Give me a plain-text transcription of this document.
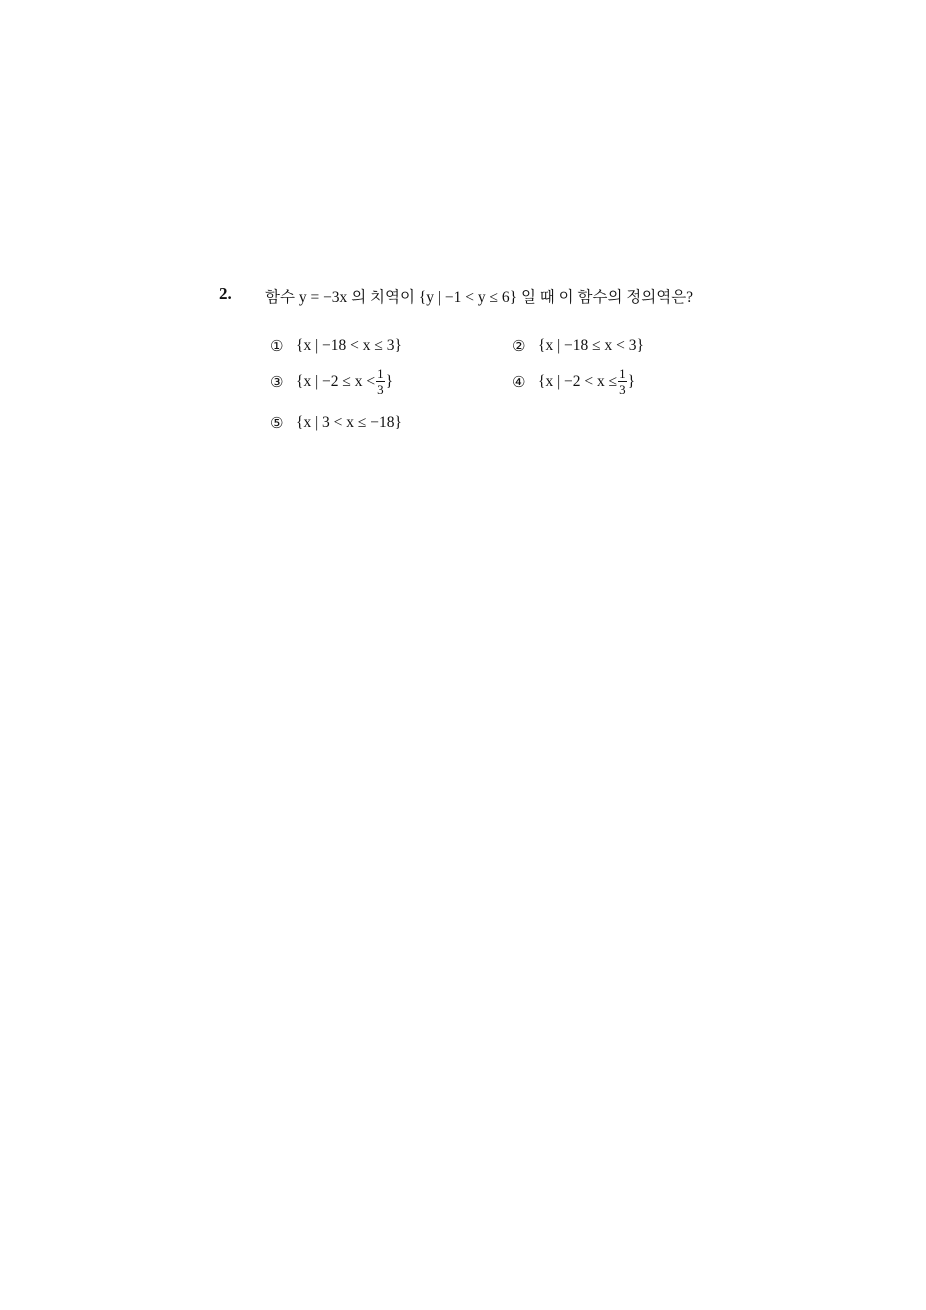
2. 함수 y = −3x 의 치역이 {y | −1 < y ≤ 6} 일 때 이 함수의 정의역은?
① {x | −18 < x ≤ 3}	② {x | −18 ≤ x < 3}
③ {x | $-2 \le x < \frac{1}{3}$ }	④ {x | $-2 < x \le \frac{1}{3}$ }
⑤ {x | 3 < x ≤ −18}
